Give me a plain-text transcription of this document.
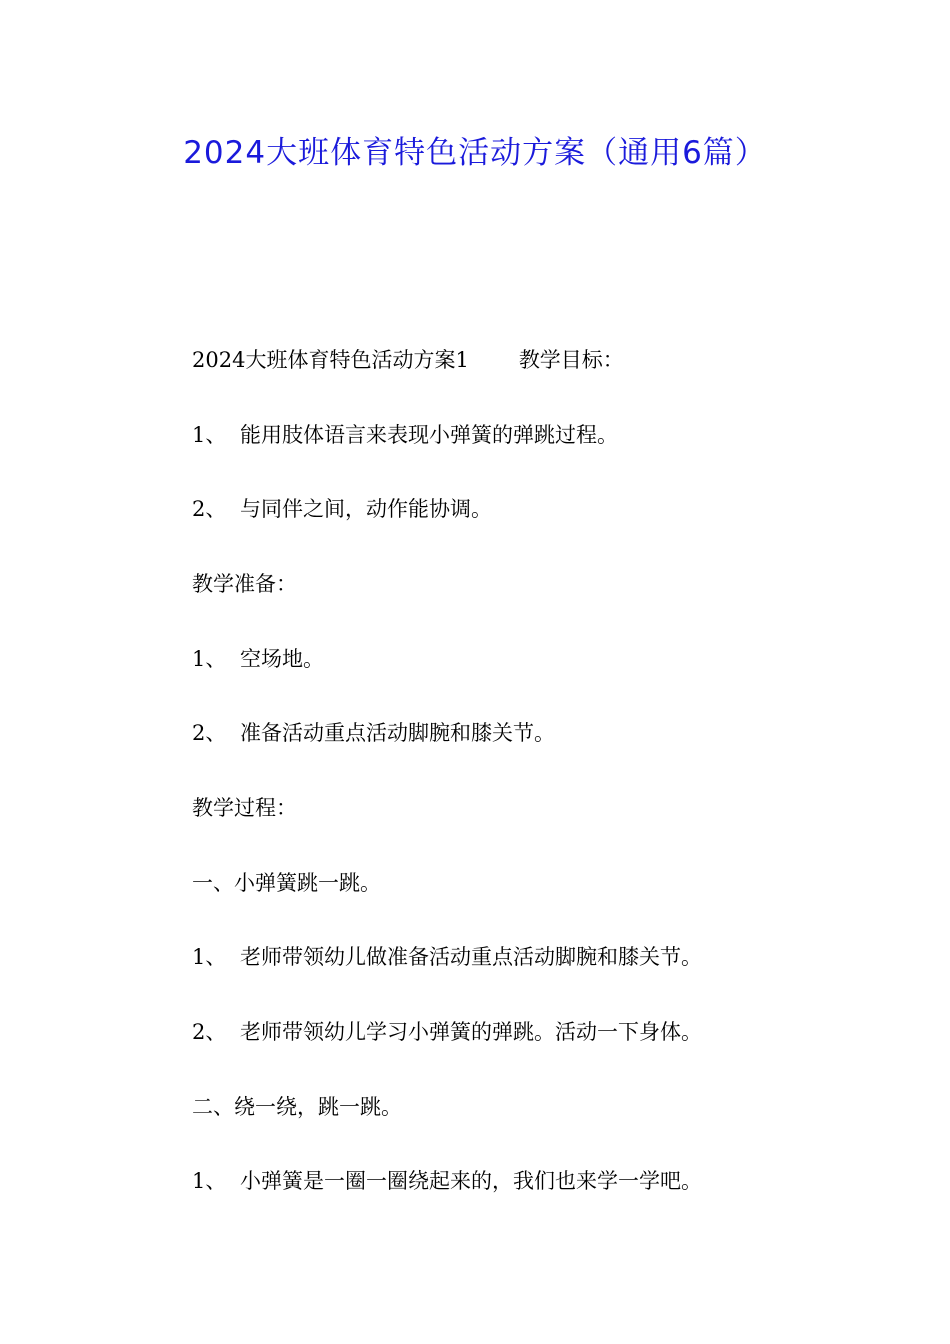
2024大班体育特色活动方案（通用6篇）
2024大班体育特色活动方案1 教学目标：
1、 能用肢体语言来表现小弹簧的弹跳过程。
2、 与同伴之间，动作能协调。
教学准备：
1、 空场地。
2、 准备活动重点活动脚腕和膝关节。
教学过程：
一、小弹簧跳一跳。
1、 老师带领幼儿做准备活动重点活动脚腕和膝关节。
2、 老师带领幼儿学习小弹簧的弹跳。活动一下身体。
二、绕一绕，跳一跳。
1、 小弹簧是一圈一圈绕起来的，我们也来学一学吧。
